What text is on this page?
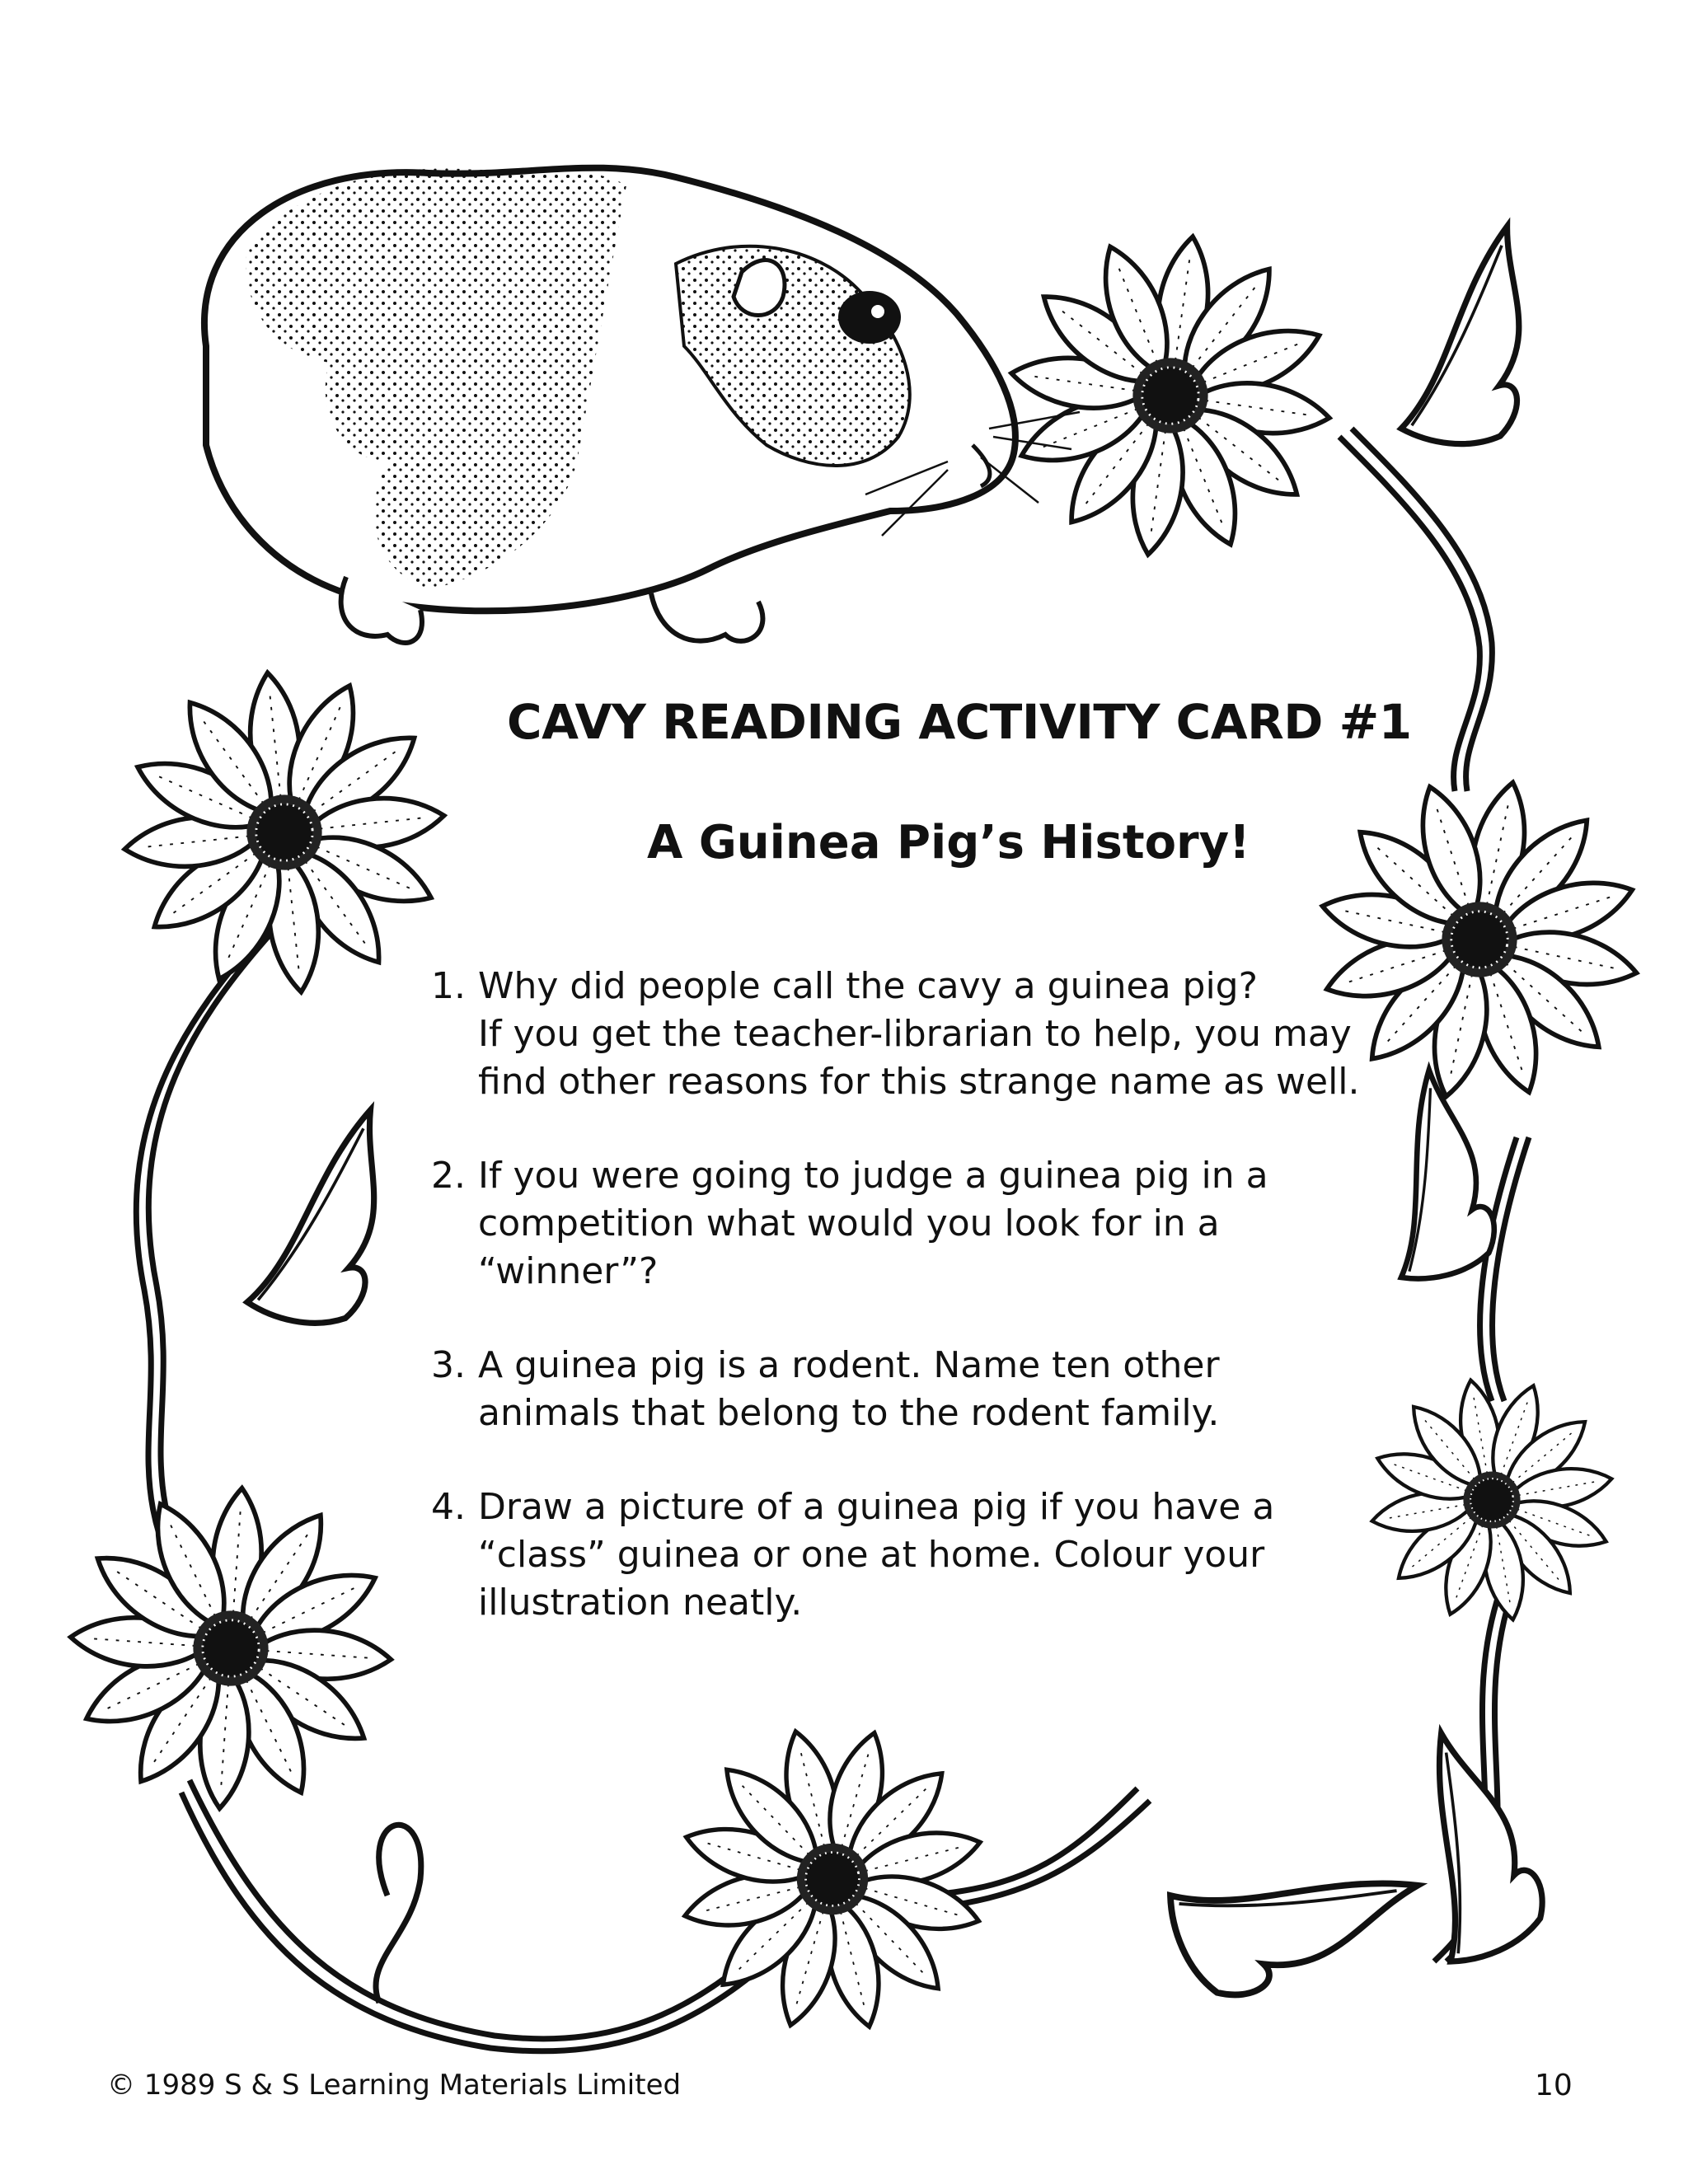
CAVY READING ACTIVITY CARD #1
A Guinea Pig’s History!
1. Why did people call the cavy a guinea pig?
If you get the teacher-librarian to help, you may
find other reasons for this strange name as well.
2. If you were going to judge a guinea pig in a
competition what would you look for in a
“winner”?
3. A guinea pig is a rodent. Name ten other
animals that belong to the rodent family.
4. Draw a picture of a guinea pig if you have a
“class” guinea or one at home. Colour your
illustration neatly.
© 1989 S & S Learning Materials Limited	10
